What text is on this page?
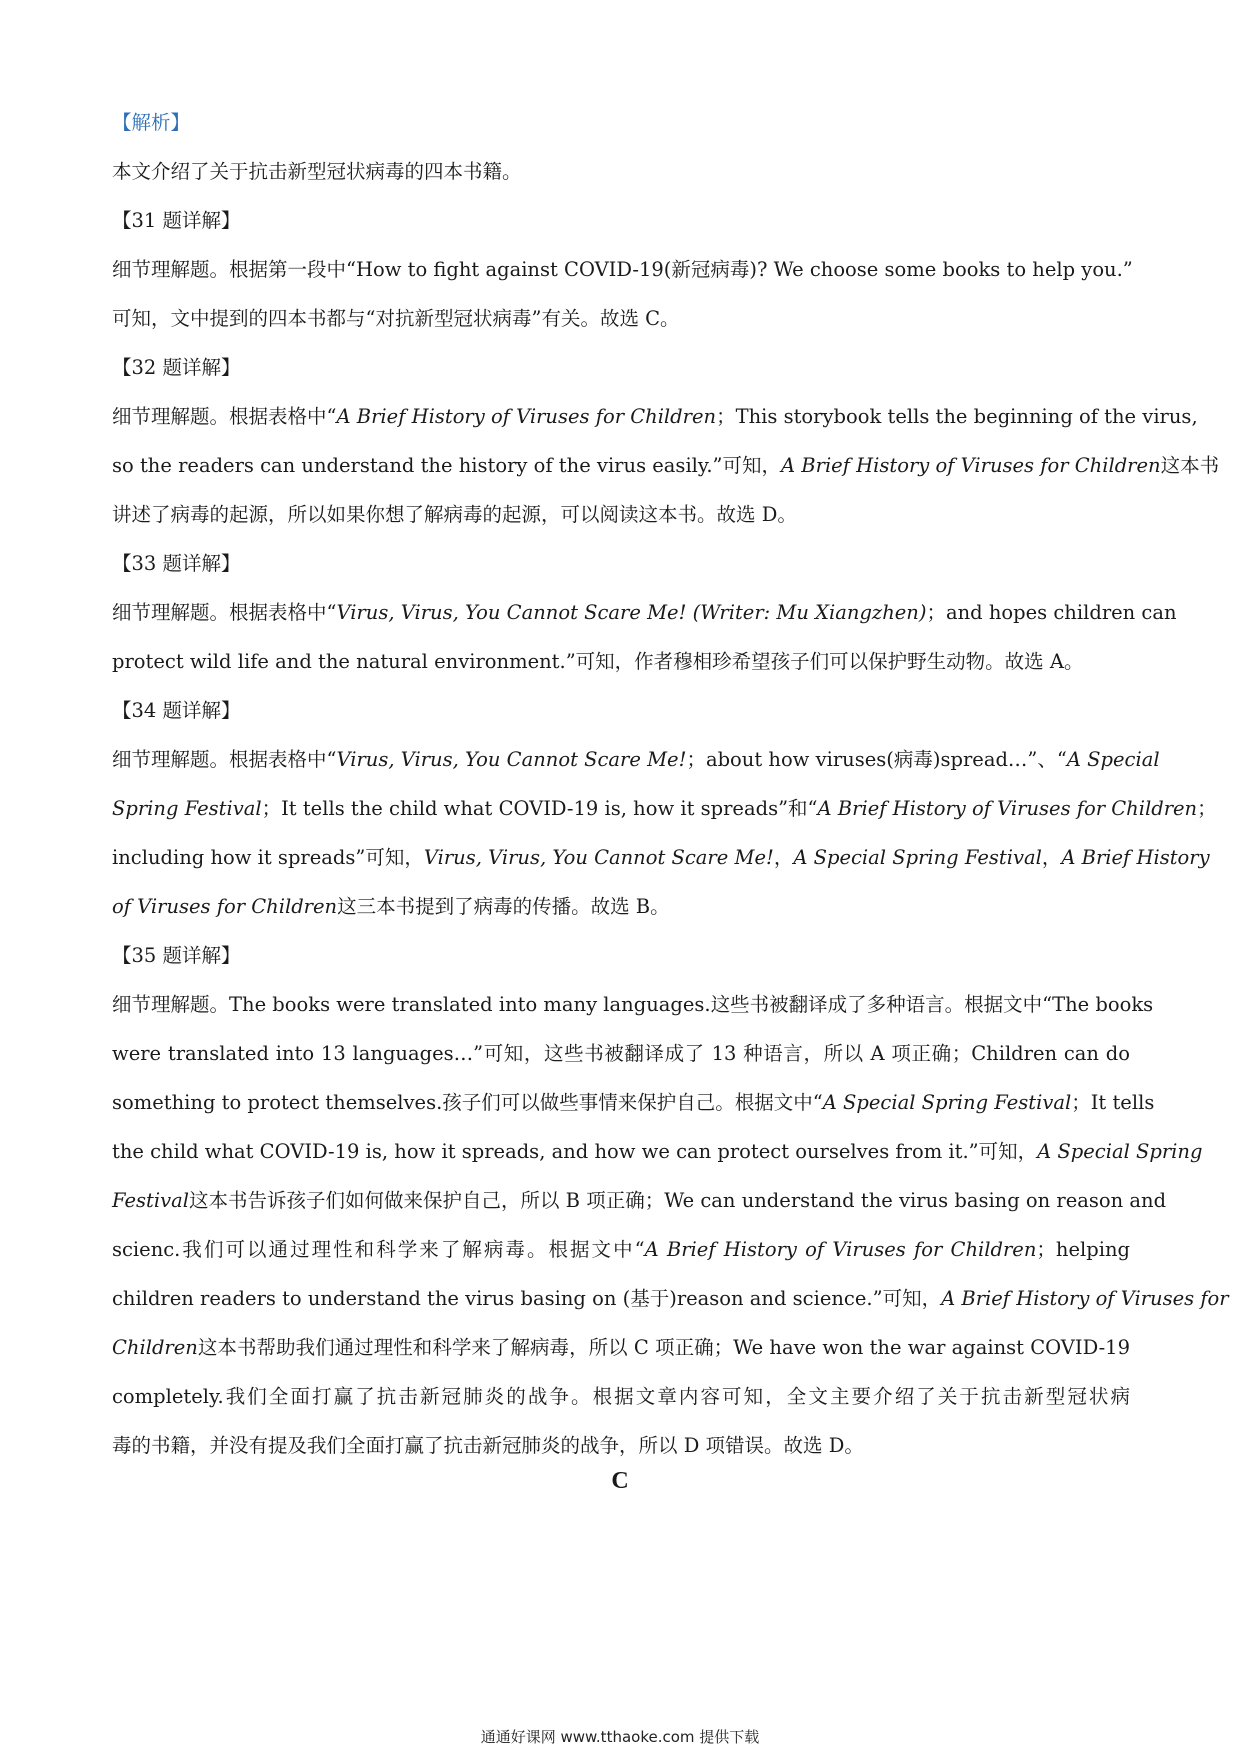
【解析】
本文介绍了关于抗击新型冠状病毒的四本书籍。
【31 题详解】
细节理解题。根据第一段中“How to fight against COVID-19(新冠病毒)? We choose some books to help you.”
可知，文中提到的四本书都与“对抗新型冠状病毒”有关。故选 C。
【32 题详解】
细节理解题。根据表格中“A Brief History of Viruses for Children；This storybook tells the beginning of the virus,
so the readers can understand the history of the virus easily.”可知，A Brief History of Viruses for Children这本书
讲述了病毒的起源，所以如果你想了解病毒的起源，可以阅读这本书。故选 D。
【33 题详解】
细节理解题。根据表格中“Virus, Virus, You Cannot Scare Me! (Writer: Mu Xiangzhen)；and hopes children can
protect wild life and the natural environment.”可知，作者穆相珍希望孩子们可以保护野生动物。故选 A。
【34 题详解】
细节理解题。根据表格中“Virus, Virus, You Cannot Scare Me!；about how viruses(病毒)spread…”、“A Special
Spring Festival；It tells the child what COVID-19 is, how it spreads”和“A Brief History of Viruses for Children；
including how it spreads”可知，Virus, Virus, You Cannot Scare Me!，A Special Spring Festival，A Brief History
of Viruses for Children这三本书提到了病毒的传播。故选 B。
【35 题详解】
细节理解题。The books were translated into many languages.这些书被翻译成了多种语言。根据文中“The books
were translated into 13 languages…”可知，这些书被翻译成了 13 种语言，所以 A 项正确；Children can do
something to protect themselves.孩子们可以做些事情来保护自己。根据文中“A Special Spring Festival；It tells
the child what COVID-19 is, how it spreads, and how we can protect ourselves from it.”可知，A Special Spring
Festival这本书告诉孩子们如何做来保护自己，所以 B 项正确；We can understand the virus basing on reason and
scienc.我们可以通过理性和科学来了解病毒。根据文中“A Brief History of Viruses for Children；helping
children readers to understand the virus basing on (基于)reason and science.”可知，A Brief History of Viruses for
Children这本书帮助我们通过理性和科学来了解病毒，所以 C 项正确；We have won the war against COVID-19
completely.我们全面打赢了抗击新冠肺炎的战争。根据文章内容可知，全文主要介绍了关于抗击新型冠状病
毒的书籍，并没有提及我们全面打赢了抗击新冠肺炎的战争，所以 D 项错误。故选 D。
C
通通好课网 www.tthaoke.com 提供下载
